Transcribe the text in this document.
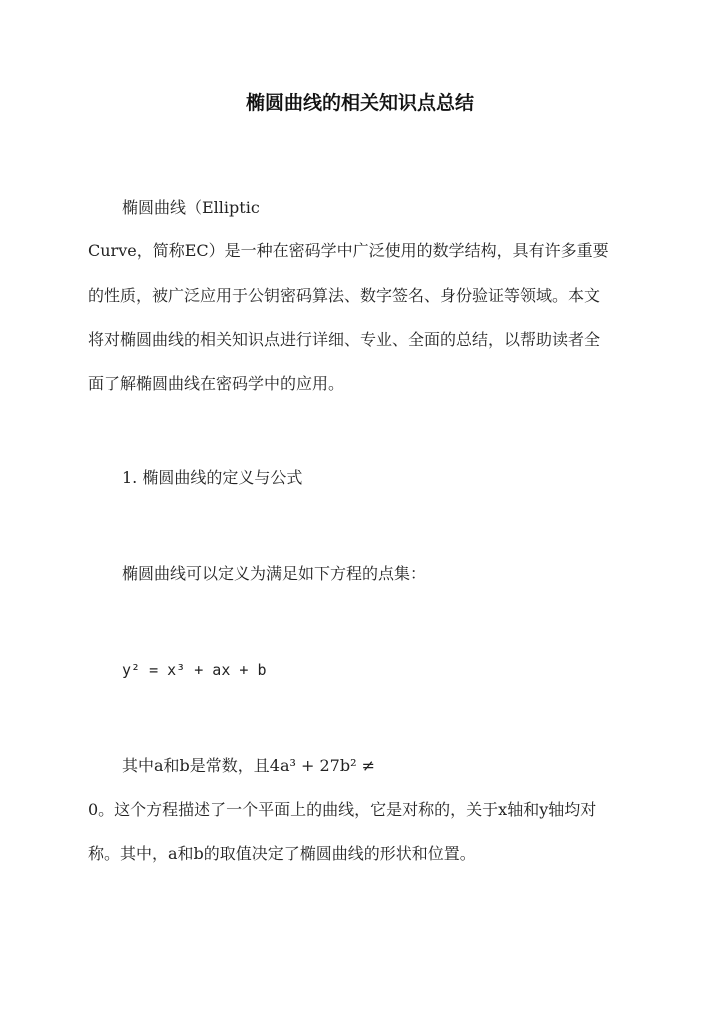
椭圆曲线的相关知识点总结
椭圆曲线（Elliptic
Curve，简称EC）是一种在密码学中广泛使用的数学结构，具有许多重要
的性质，被广泛应用于公钥密码算法、数字签名、身份验证等领域。本文
将对椭圆曲线的相关知识点进行详细、专业、全面的总结，以帮助读者全
面了解椭圆曲线在密码学中的应用。
1. 椭圆曲线的定义与公式
椭圆曲线可以定义为满足如下方程的点集：
y² = x³ + ax + b
其中a和b是常数，且4a³ + 27b² ≠
0。这个方程描述了一个平面上的曲线，它是对称的，关于x轴和y轴均对
称。其中，a和b的取值决定了椭圆曲线的形状和位置。
